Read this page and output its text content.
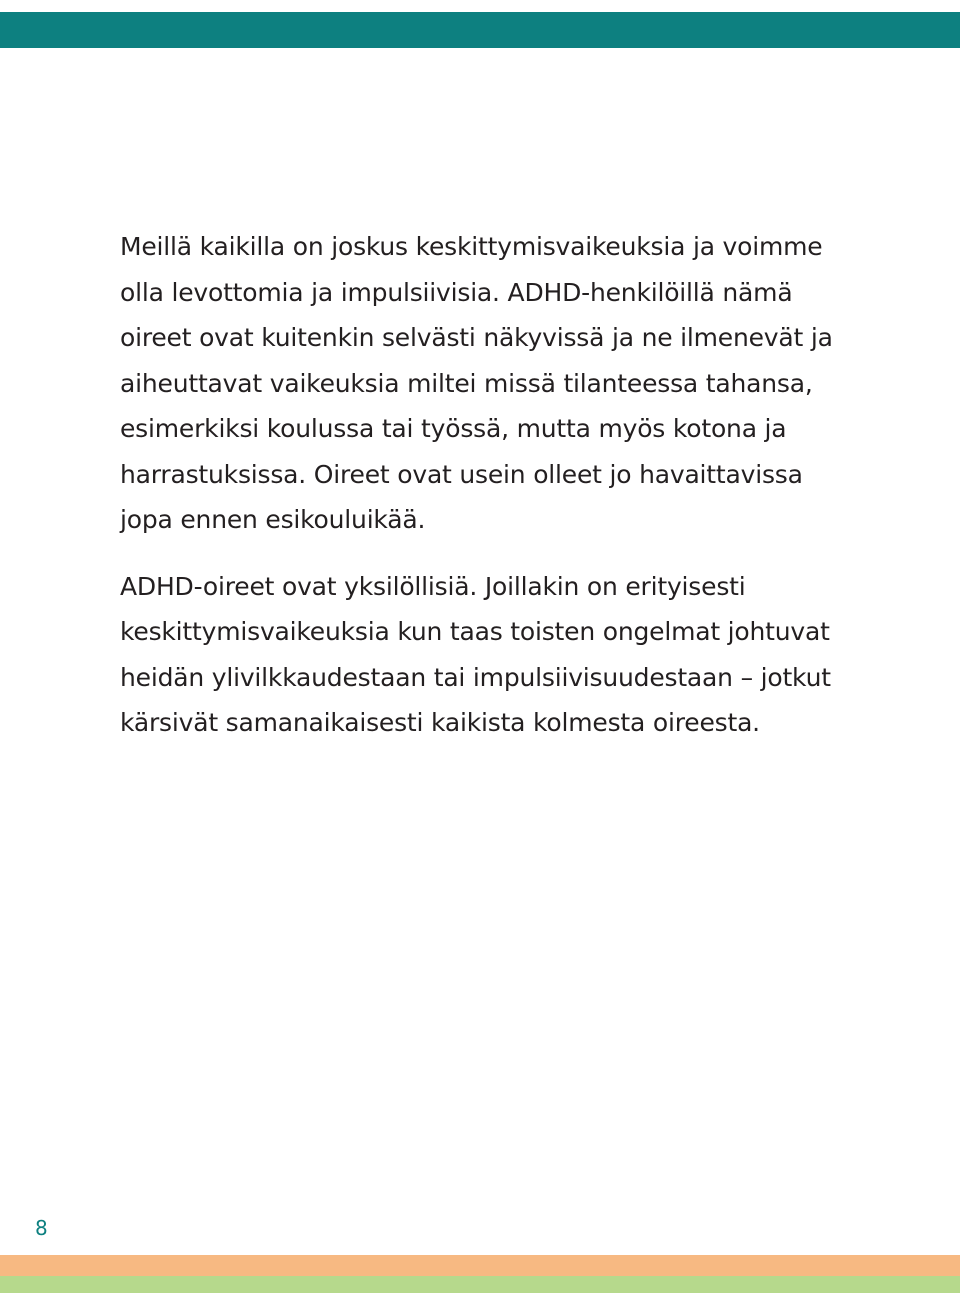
Meillä kaikilla on joskus keskittymisvaikeuksia ja voimme

olla levottomia ja impulsiivisia. ADHD-henkilöillä nämä

oireet ovat kuitenkin selvästi näkyvissä ja ne ilmenevät ja

aiheuttavat vaikeuksia miltei missä tilanteessa tahansa,

esimerkiksi koulussa tai työssä, mutta myös kotona ja

harrastuksissa. Oireet ovat usein olleet jo havaittavissa

jopa ennen esikouluikää.

ADHD-oireet ovat yksilöllisiä. Joillakin on erityisesti

keskittymisvaikeuksia kun taas toisten ongelmat johtuvat

heidän ylivilkkaudestaan tai impulsiivisuudestaan – jotkut

kärsivät samanaikaisesti kaikista kolmesta oireesta.

8
